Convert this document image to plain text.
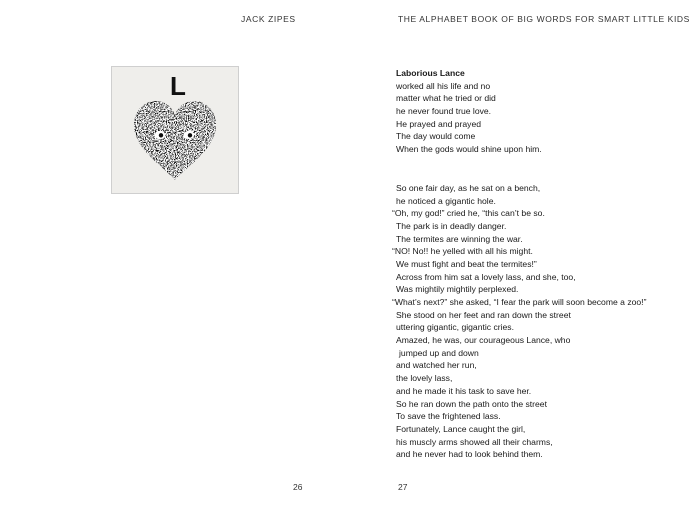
JACK ZIPES	THE ALPHABET BOOK OF BIG WORDS FOR SMART LITTLE KIDS
L	Laborious Lance
worked all his life and no
matter what he tried or did
he never found true love.
He prayed and prayed
The day would come
When the gods would shine upon him.
So one fair day, as he sat on a bench,
he noticed a gigantic hole.
“Oh, my god!” cried he, “this can’t be so.
The park is in deadly danger.
The termites are winning the war.
“NO! No!! he yelled with all his might.
We must fight and beat the termites!”
Across from him sat a lovely lass, and she, too,
Was mightily mightily perplexed.
“What’s next?” she asked, “I fear the park will soon become a zoo!”
She stood on her feet and ran down the street
uttering gigantic, gigantic cries.
Amazed, he was, our courageous Lance, who
jumped up and down
and watched her run,
the lovely lass,
and he made it his task to save her.
So he ran down the path onto the street
To save the frightened lass.
Fortunately, Lance caught the girl,
his muscly arms showed all their charms,
and he never had to look behind them.
26	27
